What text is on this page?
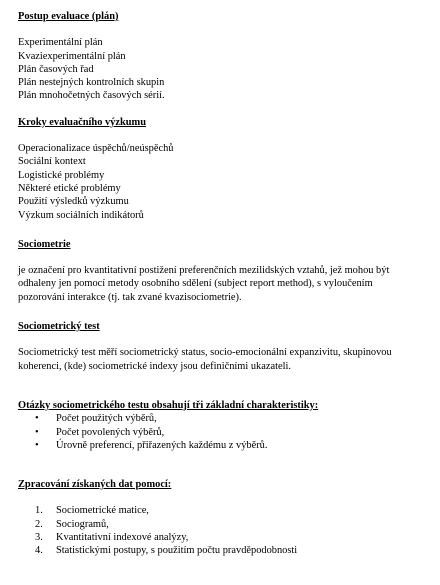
Postup evaluace (plán)
Experimentální plán
Kvaziexperimentální plán
Plán časových řad
Plán nestejných kontrolních skupin
Plán mnohočetných časových sérií.
Kroky evaluačního výzkumu
Operacionalizace úspěchů/neúspěchů
Sociální kontext
Logistické problémy
Některé etické problémy
Použití výsledků výzkumu
Výzkum sociálních indikátorů
Sociometrie
je označení pro kvantitativní postižení preferenčních mezilidských vztahů, jež mohou být
odhaleny jen pomocí metody osobního sdělení (subject report method), s vyloučením
pozorování interakce (tj. tak zvané kvazisociometrie).
Sociometrický test
Sociometrický test měří sociometrický status, socio-emocionální expanzivitu, skupinovou
koherenci, (kde) sociometrické indexy jsou definičními ukazateli.
Otázky sociometrického testu obsahují tři základní charakteristiky:
• Počet použitých výběrů,
• Počet povolených výběrů,
• Úrovně preferencí, přiřazených každému z výběrů.
Zpracování získaných dat pomocí:
1. Sociometrické matice,
2. Sociogramů,
3. Kvantitativní indexové analýzy,
4. Statistickými postupy, s použitím počtu pravděpodobnosti
